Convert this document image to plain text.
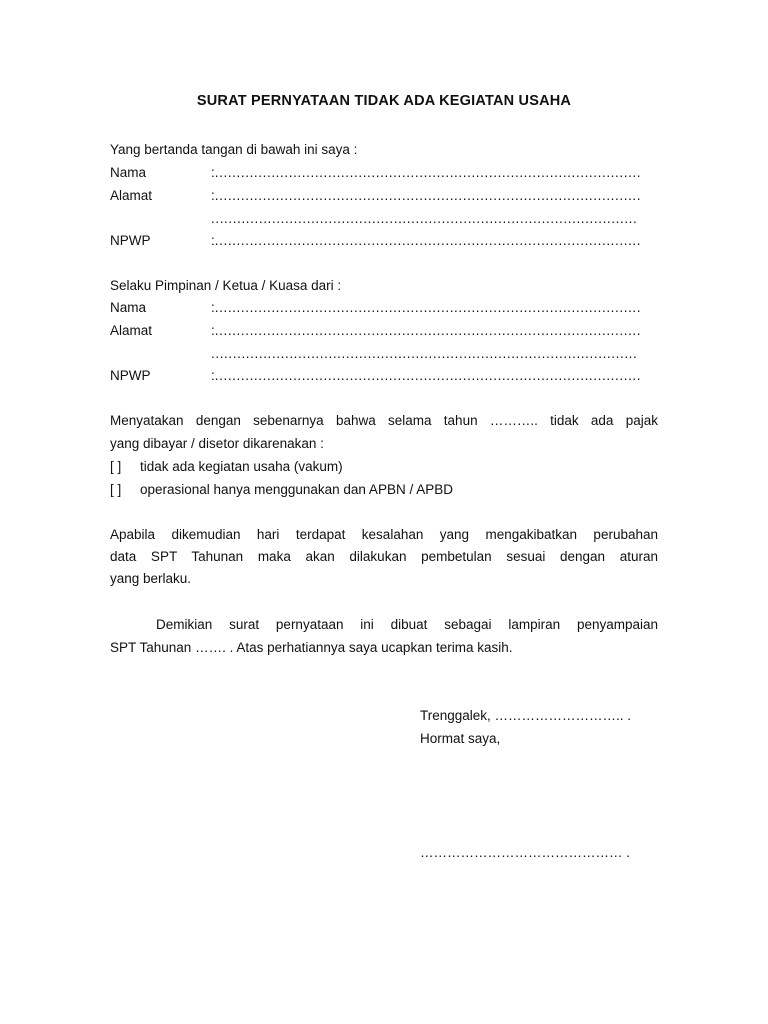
SURAT PERNYATAAN TIDAK ADA KEGIATAN USAHA
Yang bertanda tangan di bawah ini saya :
Nama	:..................................................................................................
Alamat	:..................................................................................................
..................................................................................................
NPWP	:..................................................................................................
Selaku Pimpinan / Ketua / Kuasa dari :
Nama	:..................................................................................................
Alamat	:..................................................................................................
..................................................................................................
NPWP	:..................................................................................................
Menyatakan dengan sebenarnya bahwa selama tahun ……….. tidak ada pajak
yang dibayar / disetor dikarenakan :
[ ] tidak ada kegiatan usaha (vakum)
[ ] operasional hanya menggunakan dan APBN / APBD
Apabila dikemudian hari terdapat kesalahan yang mengakibatkan perubahan
data SPT Tahunan maka akan dilakukan pembetulan sesuai dengan aturan
yang berlaku.
Demikian surat pernyataan ini dibuat sebagai lampiran penyampaian
SPT Tahunan ……. . Atas perhatiannya saya ucapkan terima kasih.
Trenggalek, ……………………….. .
Hormat saya,
……………………………………… .
